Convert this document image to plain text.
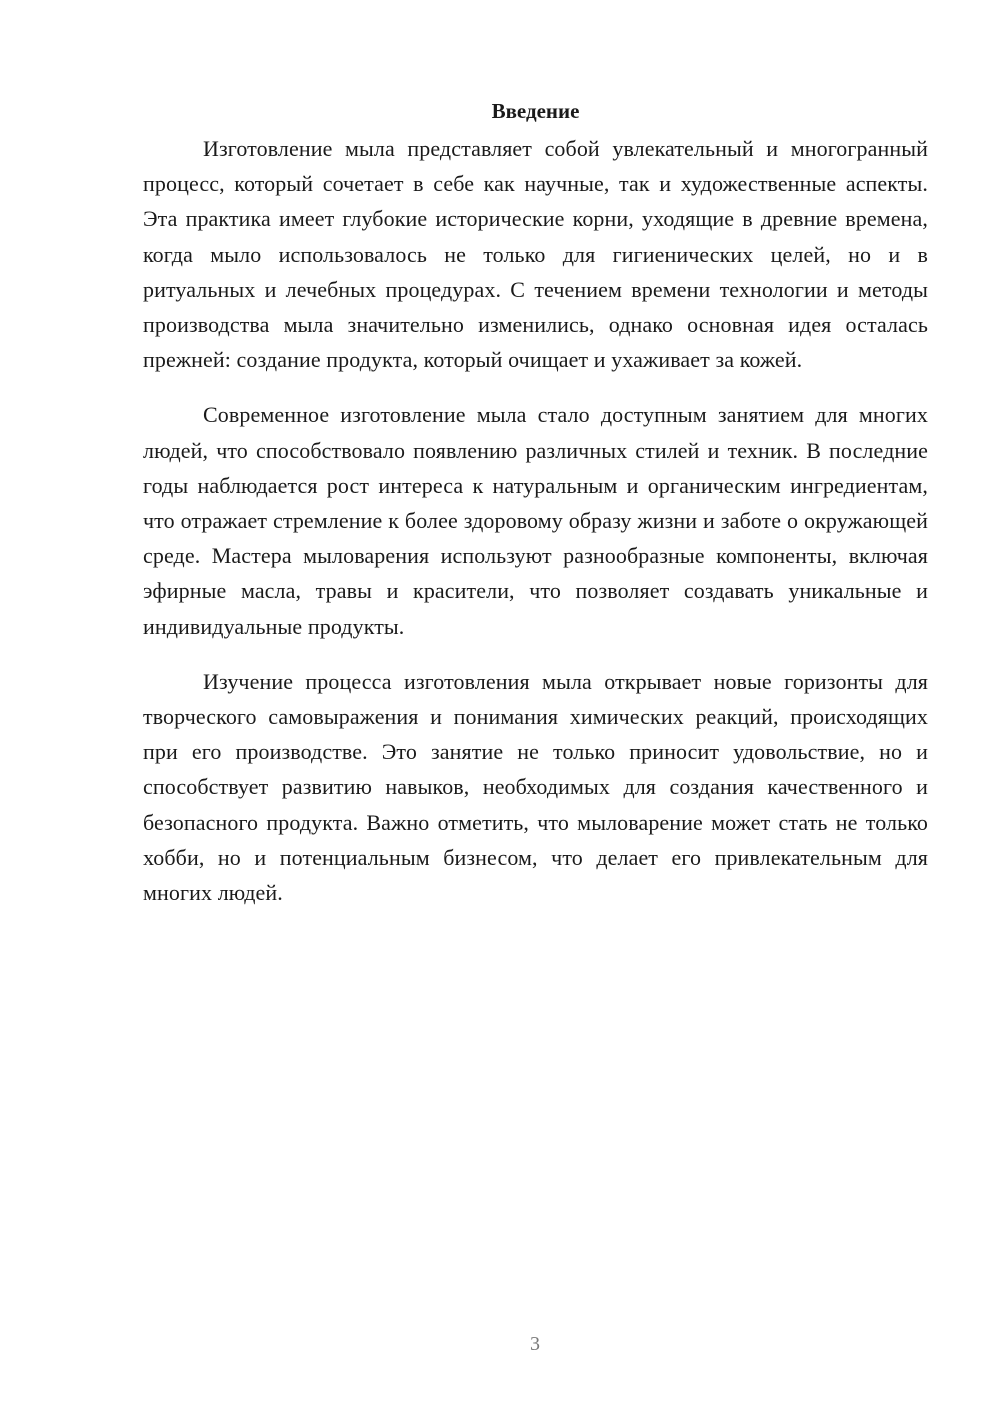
Введение

Изготовление мыла представляет собой увлекательный и многогранный процесс, который сочетает в себе как научные, так и художественные аспекты. Эта практика имеет глубокие исторические корни, уходящие в древние времена, когда мыло использовалось не только для гигиенических целей, но и в ритуальных и лечебных процедурах. С течением времени технологии и методы производства мыла значительно изменились, однако основная идея осталась прежней: создание продукта, который очищает и ухаживает за кожей.

Современное изготовление мыла стало доступным занятием для многих людей, что способствовало появлению различных стилей и техник. В последние годы наблюдается рост интереса к натуральным и органическим ингредиентам, что отражает стремление к более здоровому образу жизни и заботе о окружающей среде. Мастера мыловарения используют разнообразные компоненты, включая эфирные масла, травы и красители, что позволяет создавать уникальные и индивидуальные продукты.

Изучение процесса изготовления мыла открывает новые горизонты для творческого самовыражения и понимания химических реакций, происходящих при его производстве. Это занятие не только приносит удовольствие, но и способствует развитию навыков, необходимых для создания качественного и безопасного продукта. Важно отметить, что мыловарение может стать не только хобби, но и потенциальным бизнесом, что делает его привлекательным для многих людей.

3
